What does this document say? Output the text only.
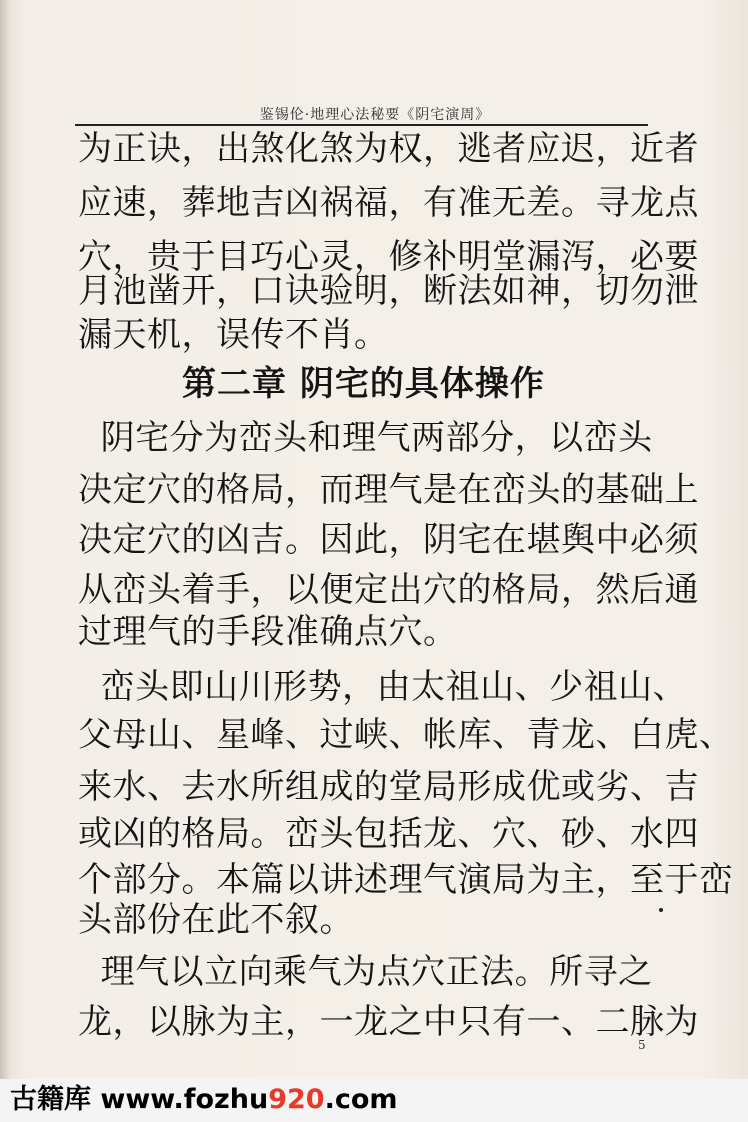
鉴锡伦·地理心法秘要《阴宅演周》
为正诀，出煞化煞为权，逃者应迟，近者
应速，葬地吉凶祸福，有准无差。寻龙点
穴，贵于目巧心灵，修补明堂漏泻，必要
月池凿开，口诀验明，断法如神，切勿泄
漏天机，误传不肖。
第二章 阴宅的具体操作
阴宅分为峦头和理气两部分，以峦头
决定穴的格局，而理气是在峦头的基础上
决定穴的凶吉。因此，阴宅在堪舆中必须
从峦头着手，以便定出穴的格局，然后通
过理气的手段准确点穴。
峦头即山川形势，由太祖山、少祖山、
父母山、星峰、过峡、帐库、青龙、白虎、
来水、去水所组成的堂局形成优或劣、吉
或凶的格局。峦头包括龙、穴、砂、水四
个部分。本篇以讲述理气演局为主，至于峦
头部份在此不叙。
理气以立向乘气为点穴正法。所寻之
龙，以脉为主，一龙之中只有一、二脉为
5
古籍库 www.fozhu920.com
